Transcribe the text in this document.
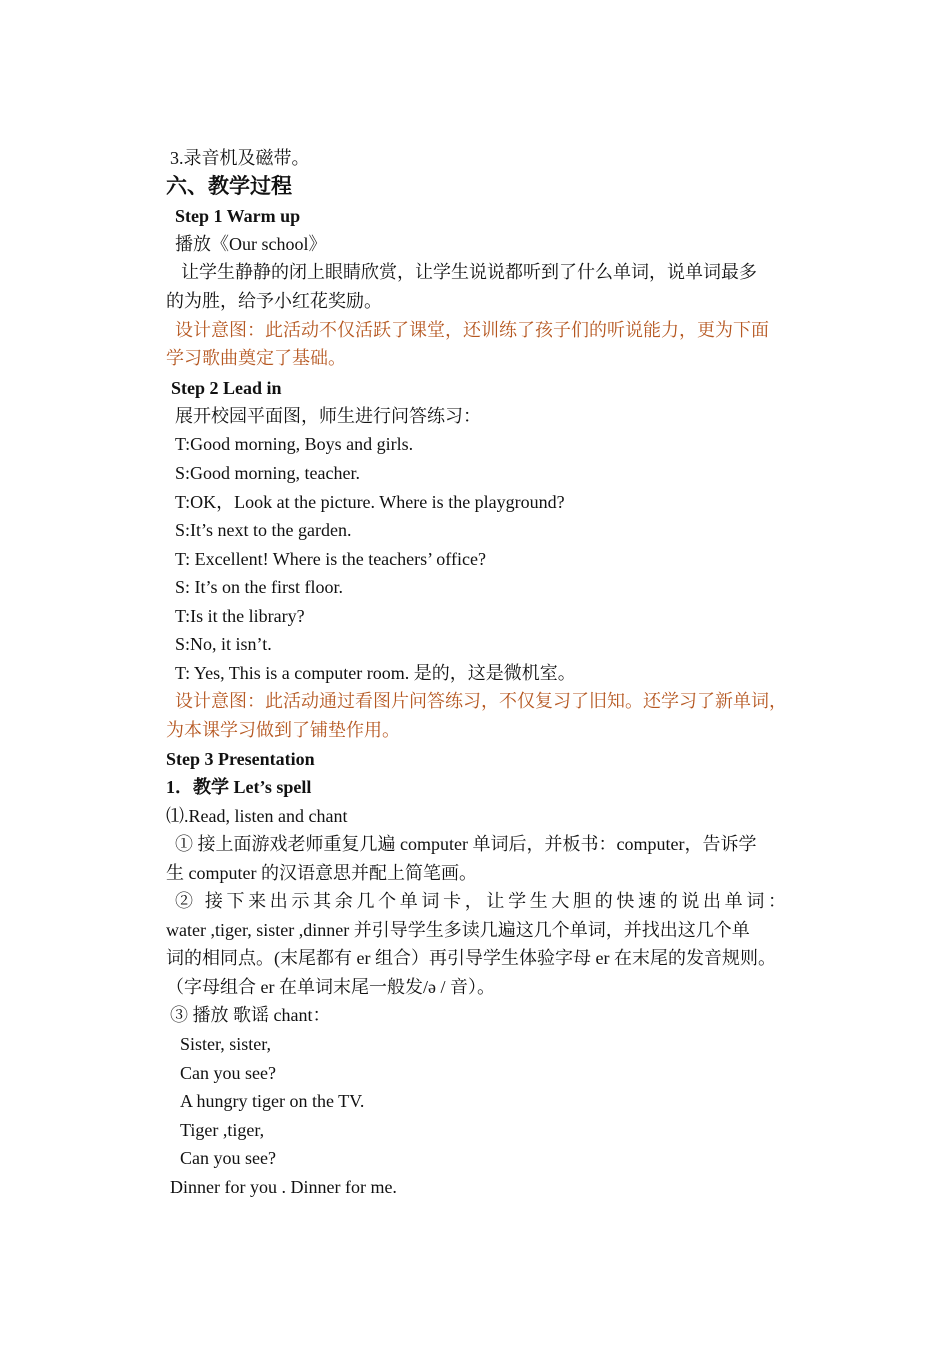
3.录音机及磁带。
六、教学过程
Step 1 Warm up
播放《Our school》
让学生静静的闭上眼睛欣赏，让学生说说都听到了什么单词，说单词最多
的为胜，给予小红花奖励。
设计意图：此活动不仅活跃了课堂，还训练了孩子们的听说能力，更为下面
学习歌曲奠定了基础。
Step 2 Lead in
展开校园平面图，师生进行问答练习：
T:Good morning, Boys and girls.
S:Good morning, teacher.
T:OK，Look at the picture. Where is the playground?
S:It’s next to the garden.
T: Excellent! Where is the teachers’ office?
S: It’s on the first floor.
T:Is it the library?
S:No, it isn’t.
T: Yes, This is a computer room. 是的，这是微机室。
设计意图：此活动通过看图片问答练习，不仅复习了旧知。还学习了新单词，
为本课学习做到了铺垫作用。
Step 3 Presentation
1．教学 Let’s spell
⑴.Read, listen and chant
① 接上面游戏老师重复几遍 computer 单词后，并板书：computer，告诉学
生 computer 的汉语意思并配上简笔画。
② 接下来出示其余几个单词卡，让学生大胆的快速的说出单词：
water ,tiger, sister ,dinner 并引导学生多读几遍这几个单词，并找出这几个单
词的相同点。(末尾都有 er 组合）再引导学生体验字母 er 在末尾的发音规则。
（字母组合 er 在单词末尾一般发/ə / 音）。
③ 播放 歌谣 chant：
Sister, sister,
Can you see?
A hungry tiger on the TV.
Tiger ,tiger,
Can you see?
Dinner for you . Dinner for me.
